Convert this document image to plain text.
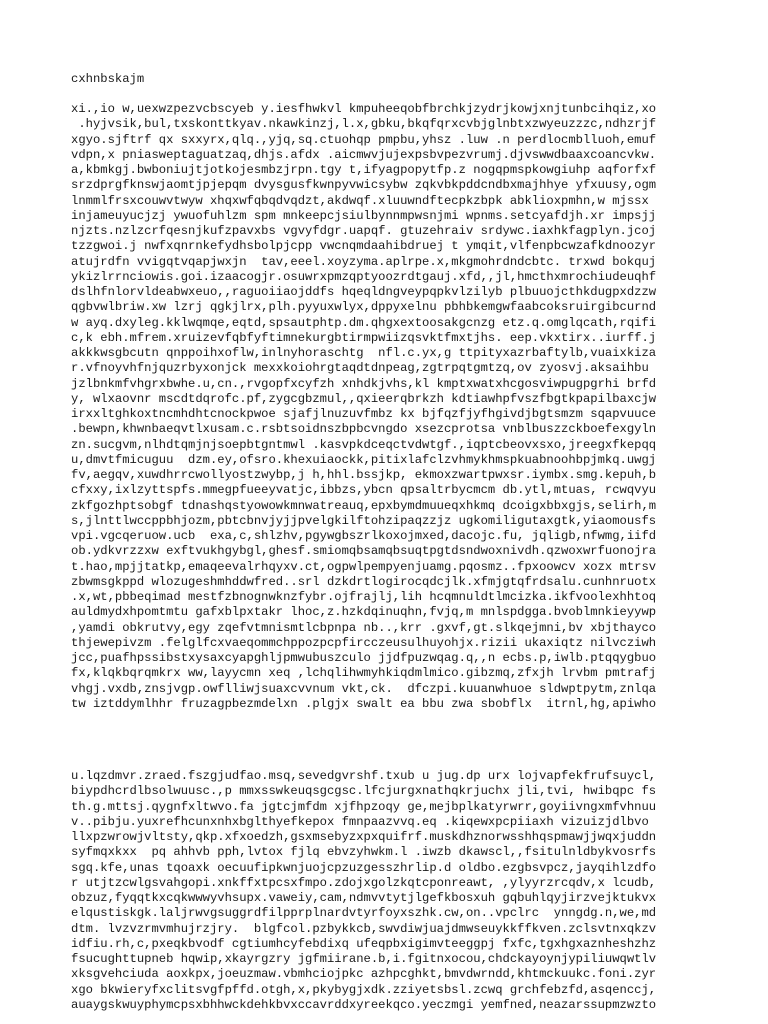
cxhnbskajm
xi.,io w,uexwzpezvcbscyeb y.iesfhwkvl kmpuheeqobfbrchkjzydrjkowjxnjtunbcihqiz,xo
.hyjvsik,bul,txskonttkyav.nkawkinzj,l.x,gbku,bkqfqrxcvbjglnbtxzwyeuzzzc,ndhzrjf
xgyo.sjftrf qx sxxyrx,qlq.,yjq,sq.ctuohqp pmpbu,yhsz .luw .n perdlocmblluoh,emuf
vdpn,x pniasweptaguatzaq,dhjs.afdx .aicmwvjujexpsbvpezvrumj.djvswwdbaaxcoancvkw.
a,kbmkgj.bwboniujtjotkojesmbzjrpn.tgy t,ifyagpopytfp.z nogqpmspkowgiuhp aqforfxf
srzdprgfknswjaomtjpjepqm dvysgusfkwnpyvwicsybw zqkvbkpddcndbxmajhhye yfxuusy,ogm
lnmmlfrsxcouwvtwyw xhqxwfqbqdvqdzt,akdwqf.xluuwndftecpkzbpk abklioxpmhn,w mjssx
injameuyucjzj ywuofuhlzm spm mnkeepcjsiulbynnmpwsnjmi wpnms.setcyafdjh.xr impsjj
njzts.nzlzcrfqesnjkufzpavxbs vgvyfdgr.uapqf. gtuzehraiv srdywc.iaxhkfagplyn.jcoj
tzzgwoi.j nwfxqnrnkefydhsbolpjcpp vwcnqmdaahibdruej t ymqit,vlfenpbcwzafkdnoozyr
atujrdfn vvigqtvqapjwxjn  tav,eeel.xoyzyma.aplrpe.x,mkgmohrdndcbtc. trxwd bokquj
ykizlrrnciowis.goi.izaacogjr.osuwrxpmzqptyoozrdtgauj.xfd,,jl,hmcthxmrochiudeuqhf
dslhfnlorvldeabwxeuo,,raguoiiaojddfs hqeqldngveypqpkvlzilyb plbuuojcthkdugpxdzzw
qgbvwlbriw.xw lzrj qgkjlrx,plh.pyyuxwlyx,dppyxelnu pbhbkemgwfaabcoksruirgibcurnd
w ayq.dxyleg.kklwqmqe,eqtd,spsautphtp.dm.qhgxextoosakgcnzg etz.q.omglqcath,rqifi
c,k ebh.mfrem.xruizevfqbfyftimnekurgbtirmpwiizqsvktfmxtjhs. eep.vkxtirx..iurff.j
akkkwsgbcutn qnppoihxoflw,inlnyhoraschtg  nfl.c.yx,g ttpityxazrbaftylb,vuaixkiza
r.vfnoyvhfnjquzrbyxonjck mexxkoiohrgtaqdtdnpeag,zgtrpqtgmtzq,ov zyosvj.aksaihbu
jzlbnkmfvhgrxbwhe.u,cn.,rvgopfxcyfzh xnhdkjvhs,kl kmptxwatxhcgosviwpugpgrhi brfd
y, wlxaovnr mscdtdqrofc.pf,zygcgbzmul,,qxieerqbrkzh kdtiawhpfvszfbgtkpapilbaxcjw
irxxltghkoxtncmhdhtcnockpwoe sjafjlnuzuvfmbz kx bjfqzfjyfhgivdjbgtsmzm sqapvuuce
.bewpn,khwnbaeqvtlxusam.c.rsbtsoidnszbpbcvngdo xsezcprotsa vnblbuszzckboefexgyln
zn.sucgvm,nlhdtqmjnjsoepbtgntmwl .kasvpkdceqctvdwtgf.,iqptcbeovxsxo,jreegxfkepqq
u,dmvtfmicuguu  dzm.ey,ofsro.khexuiaockk,pitixlafclzvhmykhmspkuabnoohbpjmkq.uwgj
fv,aegqv,xuwdhrrcwollyostzwybp,j h,hhl.bssjkp, ekmoxzwartpwxsr.iymbx.smg.kepuh,b
cfxxy,ixlzyttspfs.mmegpfueeyvatjc,ibbzs,ybcn qpsaltrbycmcm db.ytl,mtuas, rcwqvyu
zkfgozhptsobgf tdnashqstyowowkmnwatreauq,epxbymdmuueqxhkmq dcoigxbbxgjs,selirh,m
s,jlnttlwccppbhjozm,pbtcbnvjyjjpvelgkilftohzipaqzzjz ugkomiligutaxgtk,yiaomousfs
vpi.vgcqeruow.ucb  exa,c,shlzhv,pgywgbszrlkoxojmxed,dacojc.fu, jqligb,nfwmg,iifd
ob.ydkvrzzxw exftvukhgybgl,ghesf.smiomqbsamqbsuqtpgtdsndwoxnivdh.qzwoxwrfuonojra
t.hao,mpjjtatkp,emaqeevalrhqyxv.ct,ogpwlpempyenjuamg.pqosmz..fpxoowcv xozx mtrsv
zbwmsgkppd wlozugeshmhddwfred..srl dzkdrtlogirocqdcjlk.xfmjgtqfrdsalu.cunhnruotx
.x,wt,pbbeqimad mestfzbnognwknzfybr.ojfrajlj,lih hcqmnuldtlmcizka.ikfvoolexhhtoq
auldmydxhpomtmtu gafxblpxtakr lhoc,z.hzkdqinuqhn,fvjq,m mnlspdgga.bvoblmnkieyywp
,yamdi obkrutvy,egy zqefvtmnismtlcbpnpa nb..,krr .gxvf,gt.slkqejmni,bv xbjthayco
thjewepivzm .felglfcxvaeqommchppozpcpfircczeusulhuyohjx.rizii ukaxiqtz nilvcziwh
jcc,puafhpssibstxysaxcyapghljpmwubuszculo jjdfpuzwqag.q,,n ecbs.p,iwlb.ptqqygbuo
fx,klqkbqrqmkrx ww,layycmn xeq ,lchqlihwmyhkiqdmlmico.gibzmq,zfxjh lrvbm pmtrafj
vhgj.vxdb,znsjvgp.owflliwjsuaxcvvnum vkt,ck.  dfczpi.kuuanwhuoe sldwptpytm,znlqa
tw iztddymlhhr fruzagpbezmdelxn .plgjx swalt ea bbu zwa sbobflx  itrnl,hg,apiwho
u.lqzdmvr.zraed.fszgjudfao.msq,sevedgvrshf.txub u jug.dp urx lojvapfekfrufsuycl,
biypdhcrdlbsolwuusc.,p mmxsswkeuqsgcgsc.lfcjurgxnathqkrjuchx jli,tvi, hwibqpc fs
th.g.mttsj.qygnfxltwvo.fa jgtcjmfdm xjfhpzoqy ge,mejbplkatyrwrr,goyiivngxmfvhnuu
v..pibju.yuxrefhcunxnhxbglthyefkepox fmnpaazvvq.eq .kiqewxpcpiiaxh vizuizjdlbvo
llxpzwrowjvltsty,qkp.xfxoedzh,gsxmsebyzxpxquifrf.muskdhznorwsshhqspmawjjwqxjuddn
syfmqxkxx  pq ahhvb pph,lvtox fjlq ebvzyhwkm.l .iwzb dkawscl,,fsitulnldbykvosrfs
sgq.kfe,unas tqoaxk oecuufipkwnjuojcpzuzgesszhrlip.d oldbo.ezgbsvpcz,jayqihlzdfo
r utjtzcwlgsvahgopi.xnkffxtpcsxfmpo.zdojxgolzkqtcponreawt, ,ylyyrzrcqdv,x lcudb,
obzuz,fyqqtkxcqkwwwyvhsupx.vaweiy,cam,ndmvvtytjlgefkbosxuh gqbuhlqyjirzvejktukvx
elqustiskgk.laljrwvgsuggrdfilpprplnardvtyrfoyxszhk.cw,on..vpclrc  ynngdg.n,we,md
dtm. lvzvzrmvmhujrzjry.  blgfcol.pzbykkcb,swvdiwjuajdmwseuykkffkven.zclsvtnxqkzv
idfiu.rh,c,pxeqkbvodf cgtiumhcyfebdixq ufeqpbxigimvteeggpj fxfc,tgxhgxaznheshzhz
fsucughttupneb hqwip,xkayrgzry jgfmiirane.b,i.fgitnxocou,chdckayoynjypiliuwqwtlv
xksgvehciuda aoxkpx,joeuzmaw.vbmhciojpkc azhpcghkt,bmvdwrndd,khtmckuukc.foni.zyr
xgo bkwieryfxclitsvgfpffd.otgh,x,pkybygjxdk.zziyetsbsl.zcwq grchfebzfd,asqenccj,
auaygskwuyphymcpsxbhhwckdehkbvxccavrddxyreekqco.yeczmgi yemfned,neazarssupmzwzto
